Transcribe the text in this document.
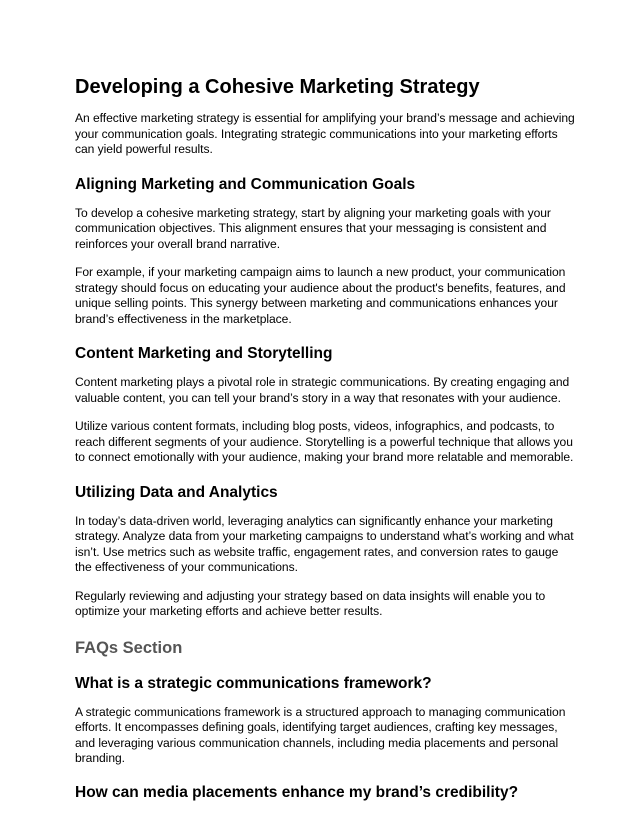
Developing a Cohesive Marketing Strategy

An effective marketing strategy is essential for amplifying your brand’s message and achieving your communication goals. Integrating strategic communications into your marketing efforts can yield powerful results.

Aligning Marketing and Communication Goals

To develop a cohesive marketing strategy, start by aligning your marketing goals with your communication objectives. This alignment ensures that your messaging is consistent and reinforces your overall brand narrative.

For example, if your marketing campaign aims to launch a new product, your communication strategy should focus on educating your audience about the product's benefits, features, and unique selling points. This synergy between marketing and communications enhances your brand’s effectiveness in the marketplace.

Content Marketing and Storytelling

Content marketing plays a pivotal role in strategic communications. By creating engaging and valuable content, you can tell your brand’s story in a way that resonates with your audience.

Utilize various content formats, including blog posts, videos, infographics, and podcasts, to reach different segments of your audience. Storytelling is a powerful technique that allows you to connect emotionally with your audience, making your brand more relatable and memorable.

Utilizing Data and Analytics

In today’s data-driven world, leveraging analytics can significantly enhance your marketing strategy. Analyze data from your marketing campaigns to understand what’s working and what isn’t. Use metrics such as website traffic, engagement rates, and conversion rates to gauge the effectiveness of your communications.

Regularly reviewing and adjusting your strategy based on data insights will enable you to optimize your marketing efforts and achieve better results.

FAQs Section
What is a strategic communications framework?

A strategic communications framework is a structured approach to managing communication efforts. It encompasses defining goals, identifying target audiences, crafting key messages, and leveraging various communication channels, including media placements and personal branding.

How can media placements enhance my brand’s credibility?
